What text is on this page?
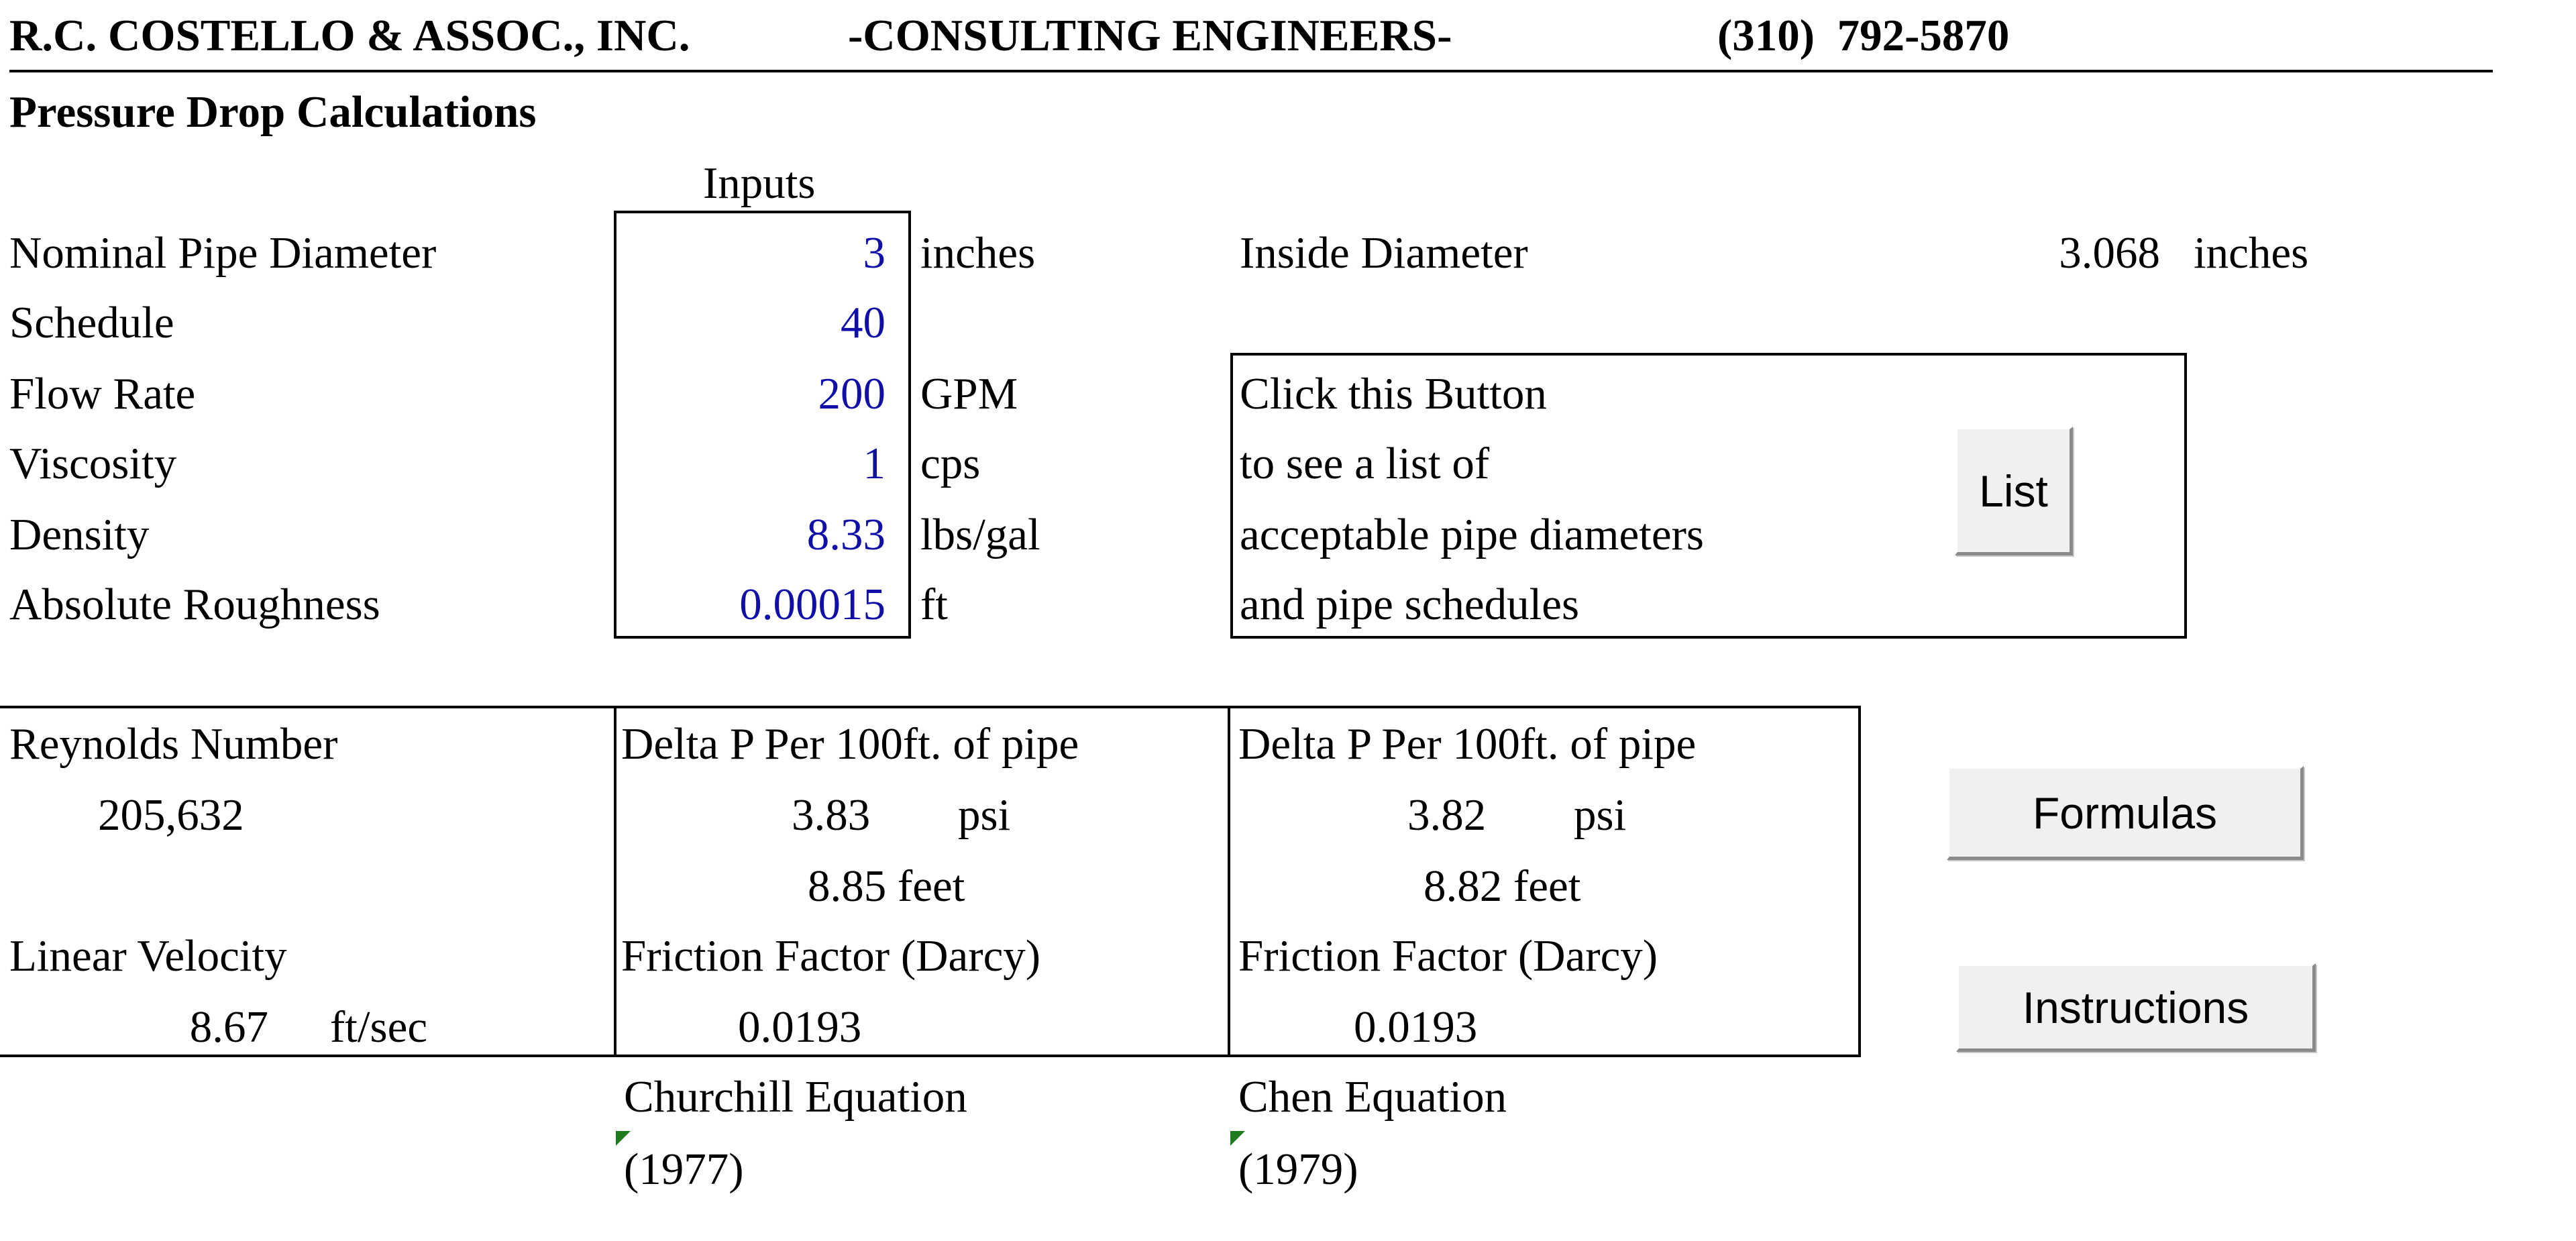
R.C. COSTELLO & ASSOC., INC.	-CONSULTING ENGINEERS-	(310)  792-5870
Pressure Drop Calculations
Inputs
Nominal Pipe Diameter	3 inches
Schedule	40
Flow Rate	200 GPM
Viscosity	1 cps
Density	8.33 lbs/gal
Absolute Roughness	0.00015 ft
Inside Diameter	3.068 inches
Click this Button
to see a list of
acceptable pipe diameters
and pipe schedules
List
Reynolds Number
205,632
Linear Velocity
8.67 ft/sec
Delta P Per 100ft. of pipe
3.83 psi
8.85 feet
Friction Factor (Darcy)
0.0193
Delta P Per 100ft. of pipe
3.82 psi
8.82 feet
Friction Factor (Darcy)
0.0193
Churchill Equation
(1977)
Chen Equation
(1979)
Formulas
Instructions
